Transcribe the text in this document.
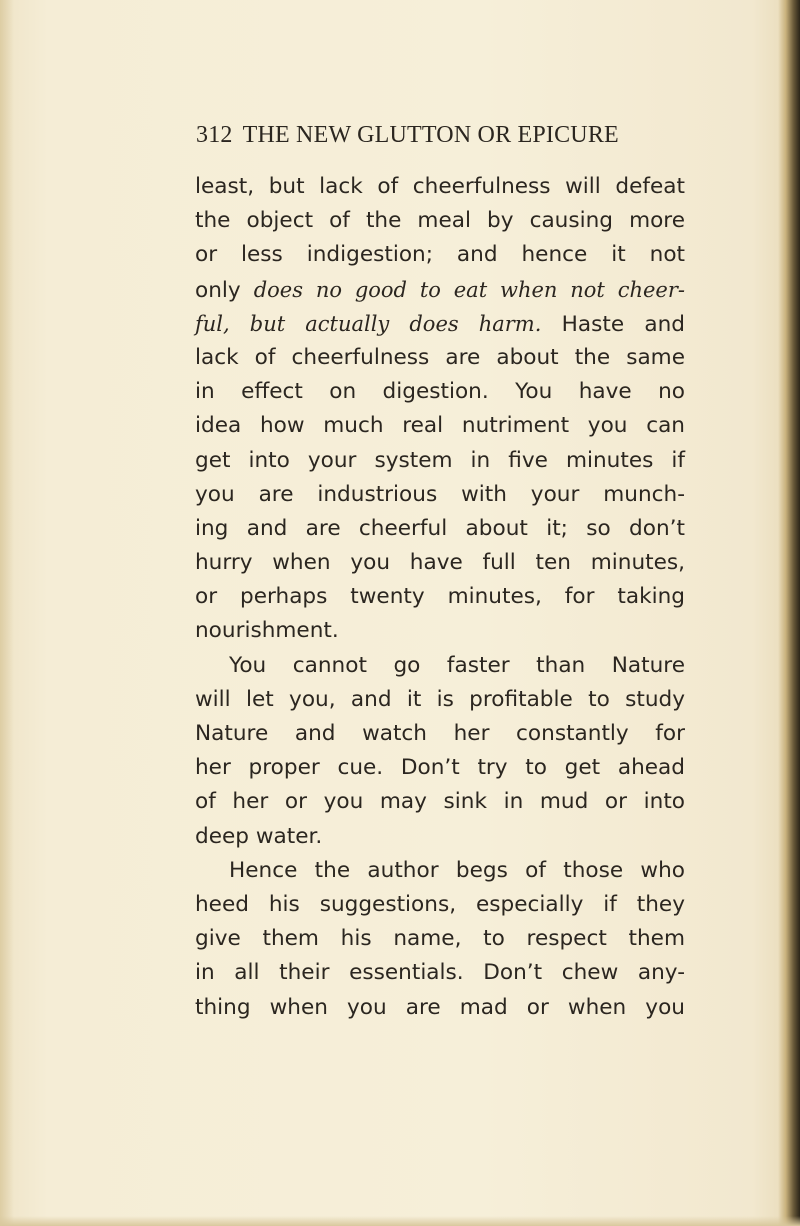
312 THE NEW GLUTTON OR EPICURE
least, but lack of cheerfulness will defeat
the object of the meal by causing more
or less indigestion; and hence it not
only does no good to eat when not cheer-
ful, but actually does harm. Haste and
lack of cheerfulness are about the same
in effect on digestion. You have no
idea how much real nutriment you can
get into your system in five minutes if
you are industrious with your munch-
ing and are cheerful about it; so don’t
hurry when you have full ten minutes,
or perhaps twenty minutes, for taking
nourishment.
You cannot go faster than Nature
will let you, and it is profitable to study
Nature and watch her constantly for
her proper cue. Don’t try to get ahead
of her or you may sink in mud or into
deep water.
Hence the author begs of those who
heed his suggestions, especially if they
give them his name, to respect them
in all their essentials. Don’t chew any-
thing when you are mad or when you
